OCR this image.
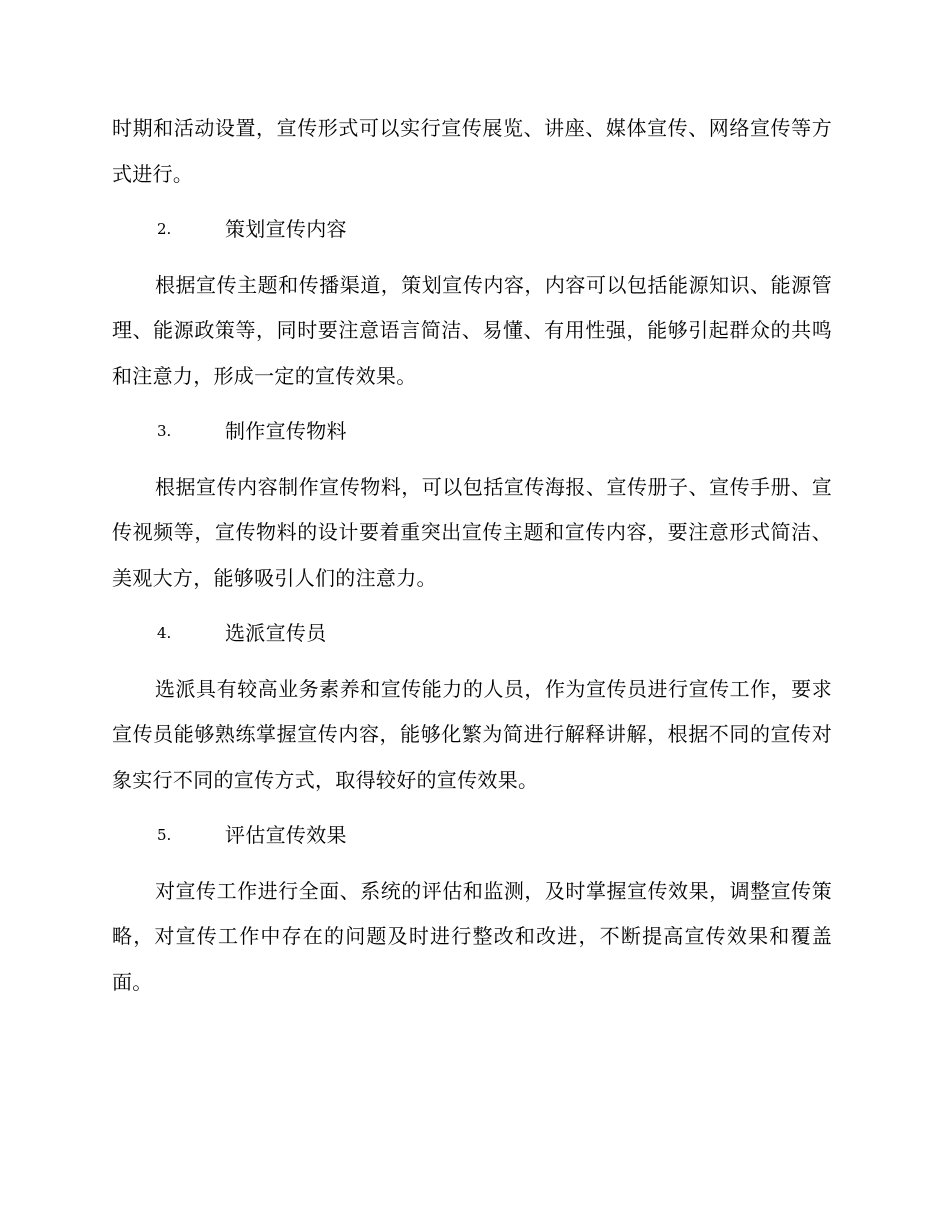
时期和活动设置，宣传形式可以实行宣传展览、讲座、媒体宣传、网络宣传等方式进行。

2.	策划宣传内容

根据宣传主题和传播渠道，策划宣传内容，内容可以包括能源知识、能源管理、能源政策等，同时要注意语言简洁、易懂、有用性强，能够引起群众的共鸣和注意力，形成一定的宣传效果。

3.	制作宣传物料

根据宣传内容制作宣传物料，可以包括宣传海报、宣传册子、宣传手册、宣传视频等，宣传物料的设计要着重突出宣传主题和宣传内容，要注意形式简洁、美观大方，能够吸引人们的注意力。

4.	选派宣传员

选派具有较高业务素养和宣传能力的人员，作为宣传员进行宣传工作，要求宣传员能够熟练掌握宣传内容，能够化繁为简进行解释讲解，根据不同的宣传对象实行不同的宣传方式，取得较好的宣传效果。

5.	评估宣传效果

对宣传工作进行全面、系统的评估和监测，及时掌握宣传效果，调整宣传策略，对宣传工作中存在的问题及时进行整改和改进，不断提高宣传效果和覆盖面。
